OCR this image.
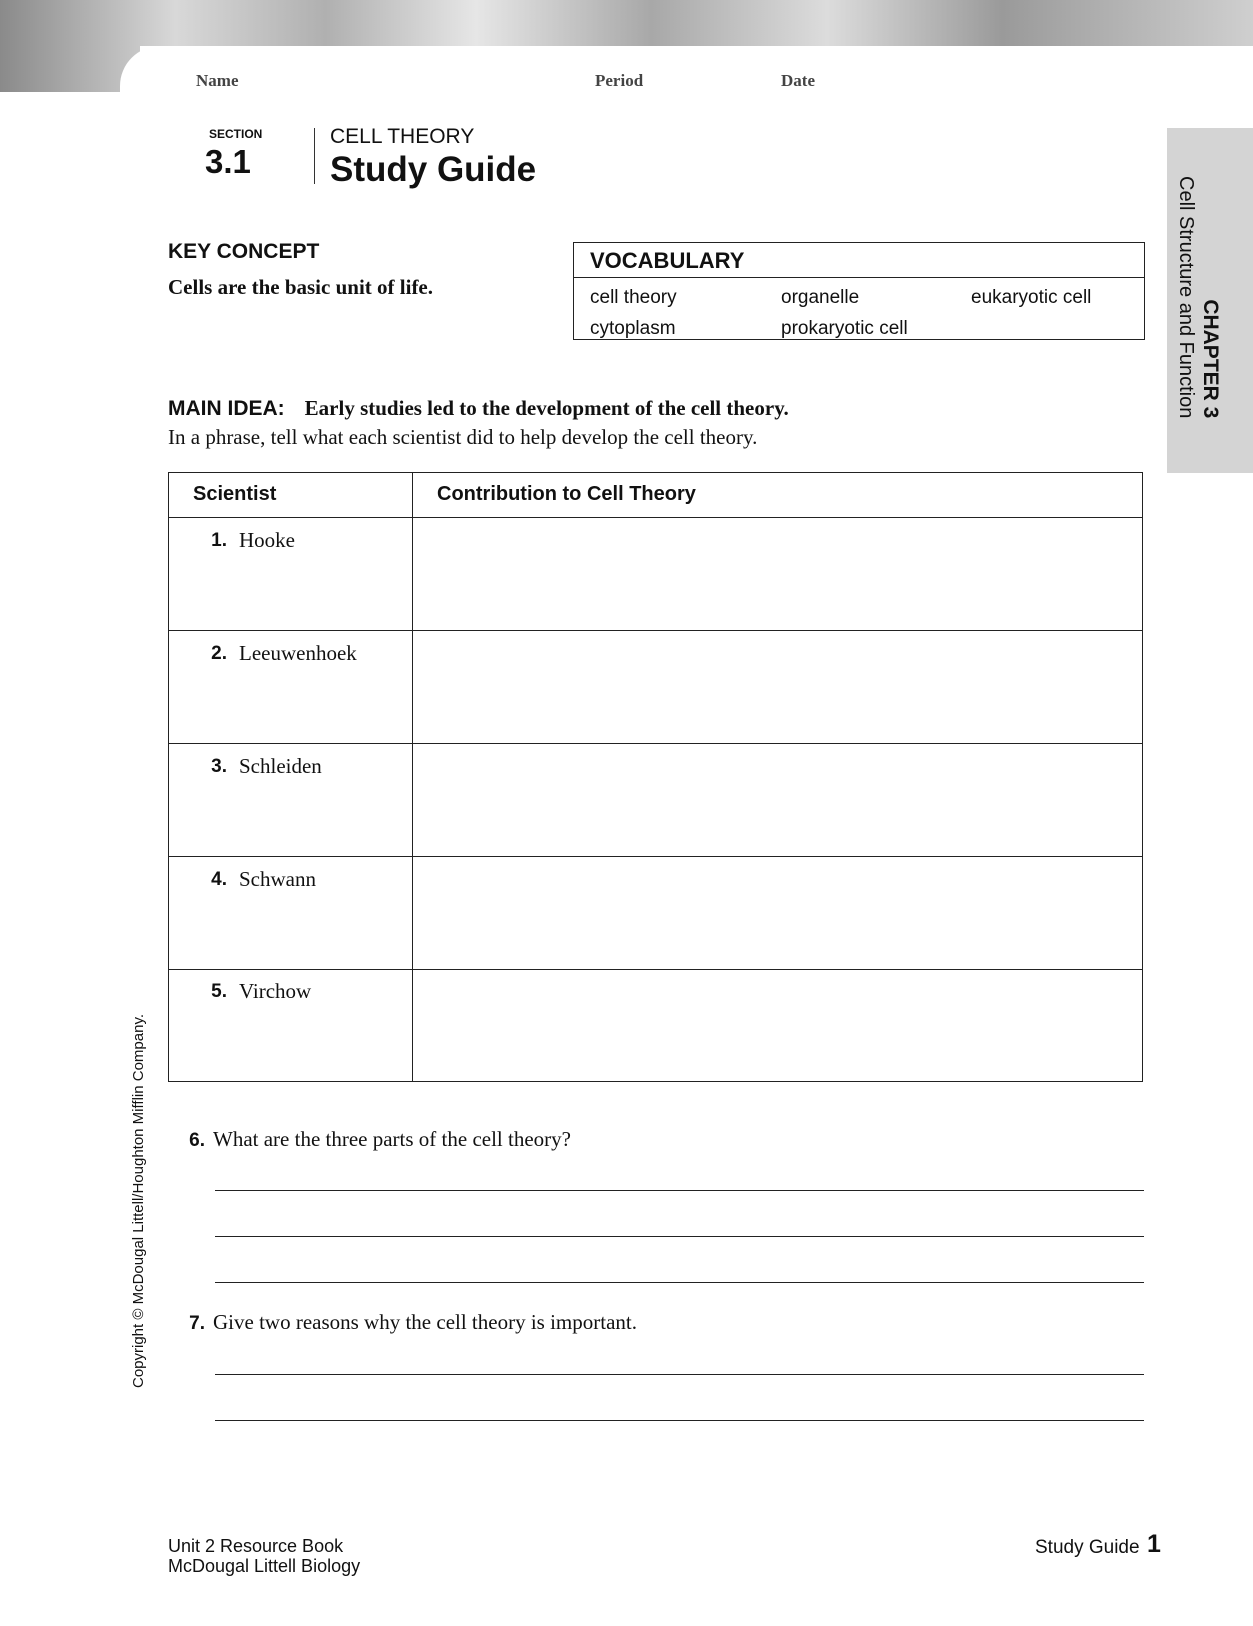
Name	Period	Date
SECTION
3.1
CELL THEORY
Study Guide
KEY CONCEPT
Cells are the basic unit of life.
VOCABULARY
cell theory	organelle	eukaryotic cell
cytoplasm	prokaryotic cell
MAIN IDEA: Early studies led to the development of the cell theory.
In a phrase, tell what each scientist did to help develop the cell theory.
Scientist	Contribution to Cell Theory
1. Hooke
2. Leeuwenhoek
3. Schleiden
4. Schwann
5. Virchow
6. What are the three parts of the cell theory?
7. Give two reasons why the cell theory is important.
Copyright © McDougal Littell/Houghton Mifflin Company.
CHAPTER 3
Cell Structure and Function
Unit 2 Resource Book
McDougal Littell Biology
Study Guide 1
